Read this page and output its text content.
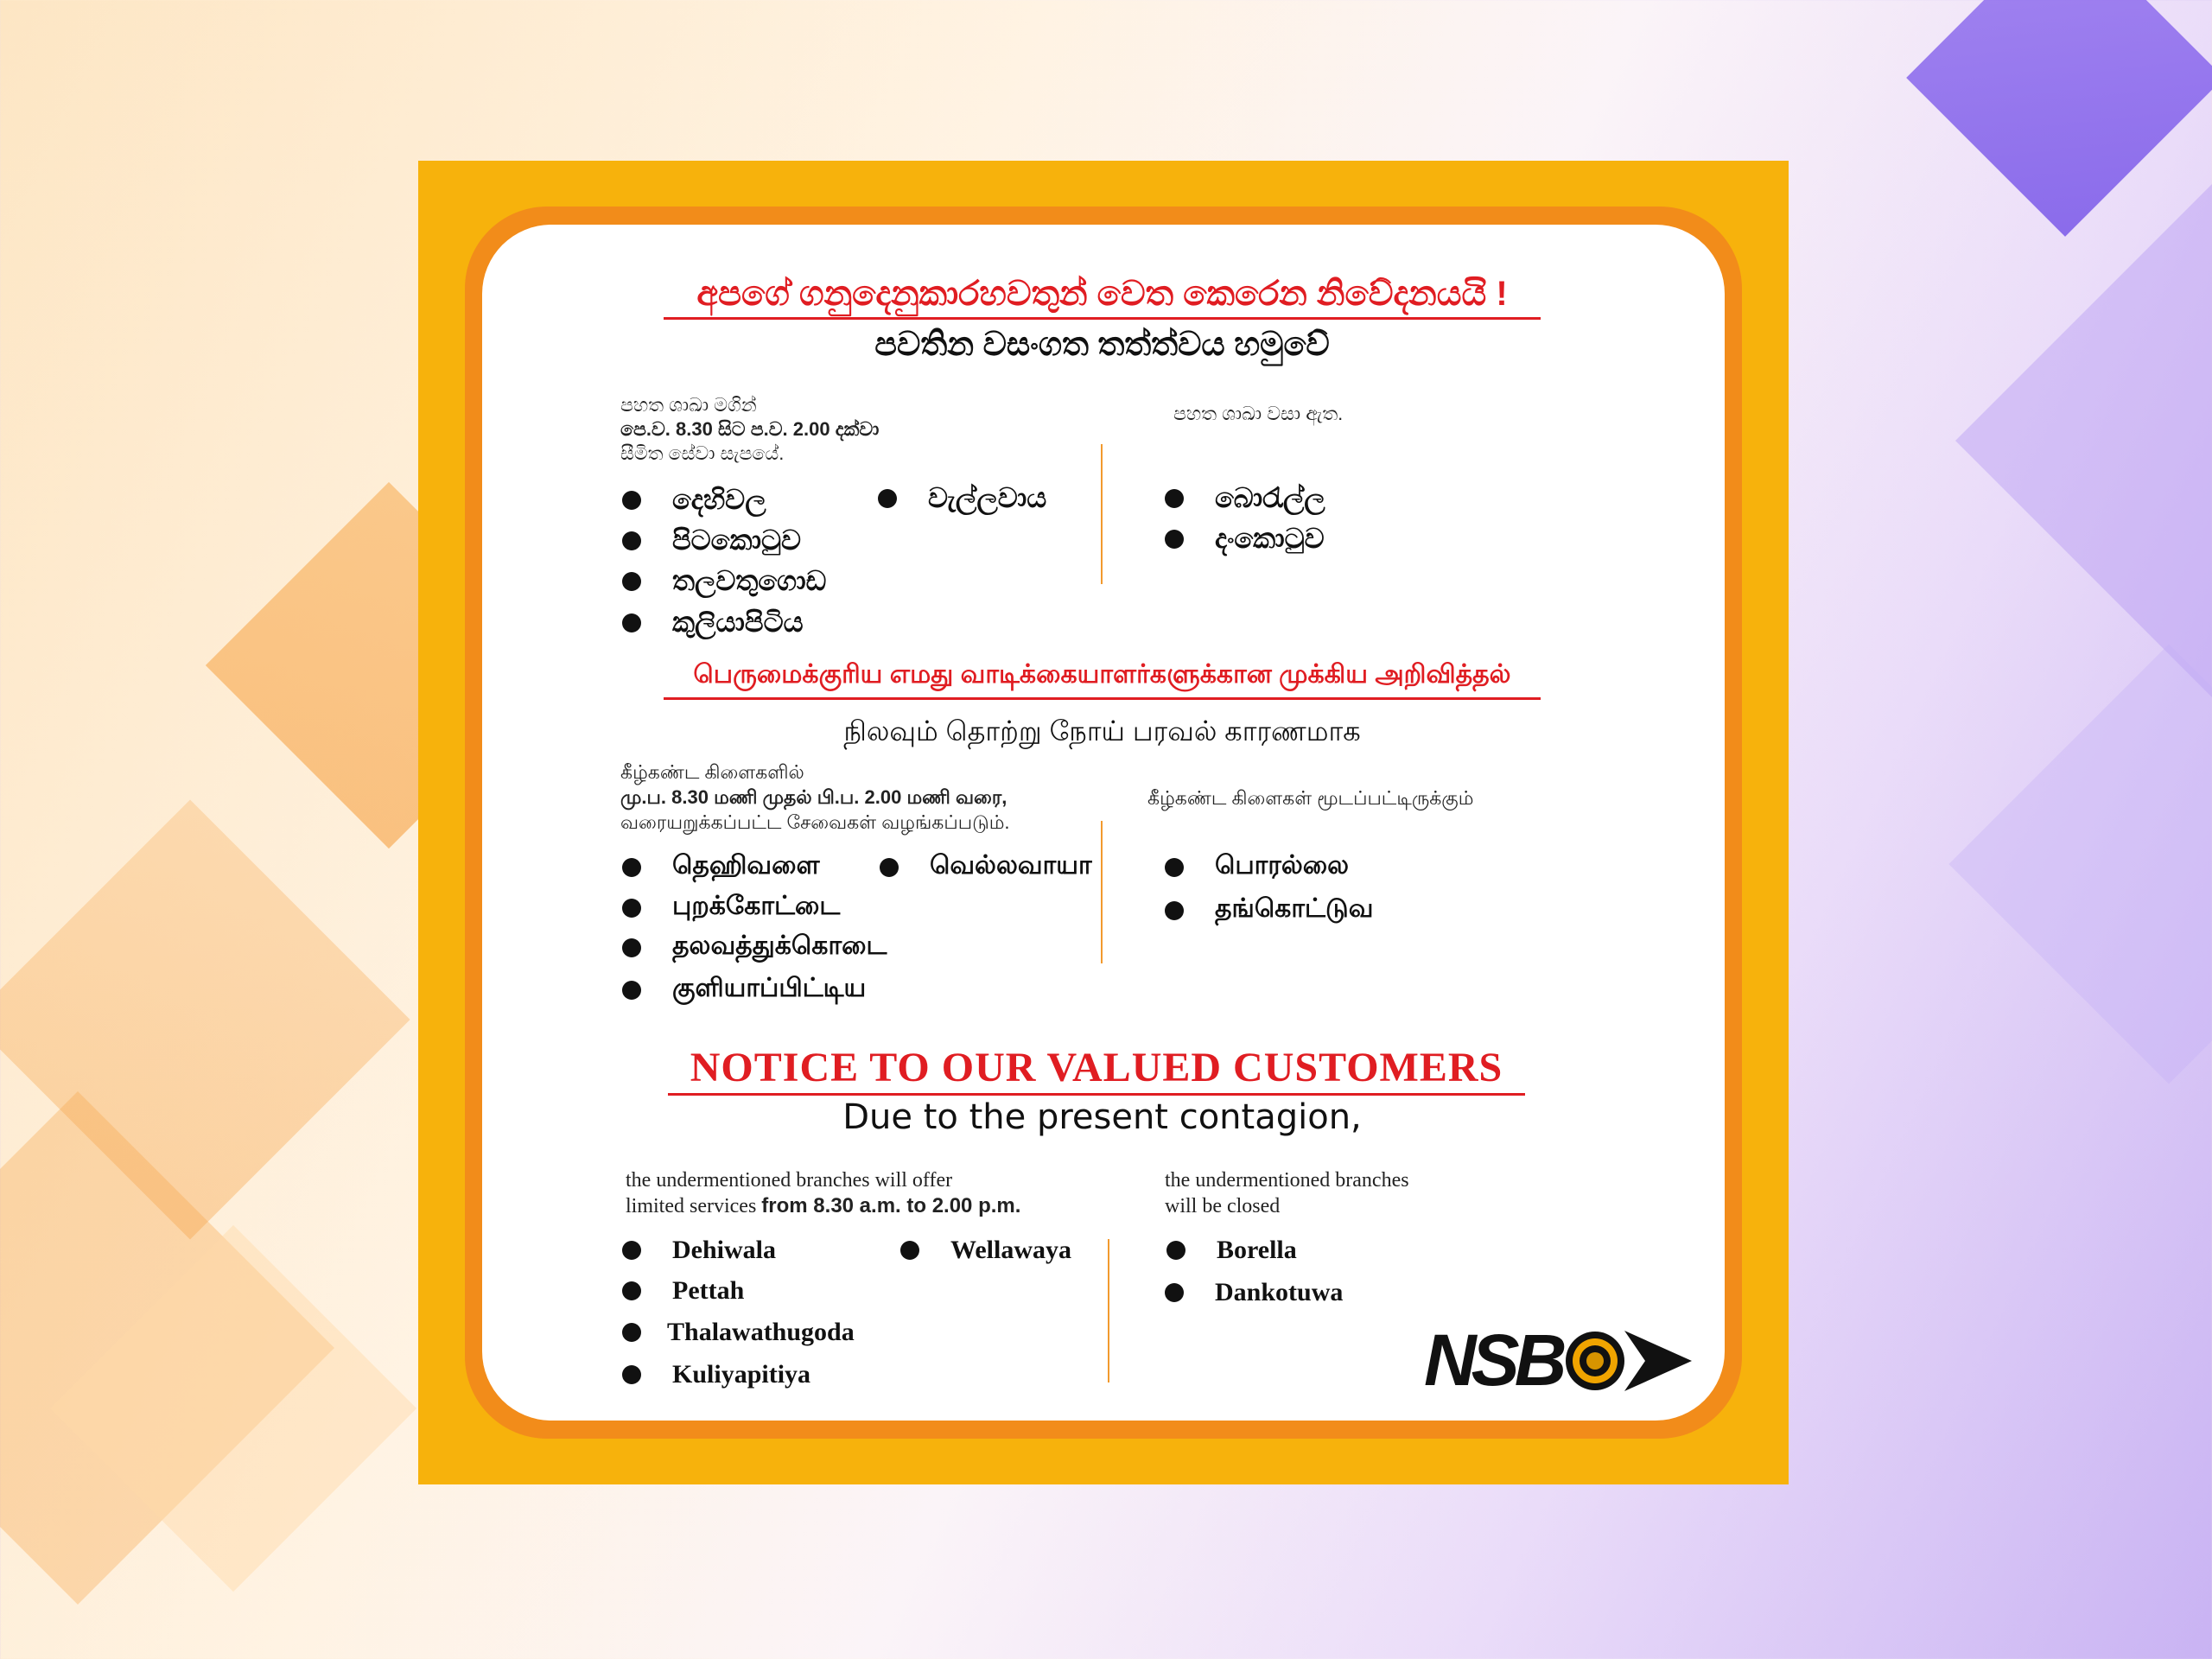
අපගේ ගනුදෙනුකාරහවතුන් වෙත කෙරෙන නිවේදනයයි !
පවතින වසංගත තත්ත්වය හමුවේ
පහත ශාඛා මගින්
පෙ.ව. 8.30 සිට ප.ව. 2.00 දක්වා
සීමිත සේවා සැපයේ.
පහත ශාඛා වසා ඇත.
දෙහිවල
පිටකොටුව
තලවතුගොඩ
කුලියාපිටිය
වැල්ලවාය	බොරැල්ල
දංකොටුව
பெருமைக்குரிய எமது வாடிக்கையாளர்களுக்கான முக்கிய அறிவித்தல்
நிலவும் தொற்று நோய் பரவல் காரணமாக
கீழ்கண்ட கிளைகளில்
மு.ப. 8.30 மணி முதல் பி.ப. 2.00 மணி வரை,
வரையறுக்கப்பட்ட சேவைகள் வழங்கப்படும்.
கீழ்கண்ட கிளைகள் மூடப்பட்டிருக்கும்
தெஹிவளை
புறக்கோட்டை
தலவத்துக்கொடை
குளியாப்பிட்டிய
வெல்லவாயா	பொரல்லை
தங்கொட்டுவ
NOTICE TO OUR VALUED CUSTOMERS
Due to the present contagion,
the undermentioned branches will offer
limited services from 8.30 a.m. to 2.00 p.m.
the undermentioned branches
will be closed
Dehiwala
Pettah
Thalawathugoda
Kuliyapitiya
Wellawaya	Borella
Dankotuwa
NSB
